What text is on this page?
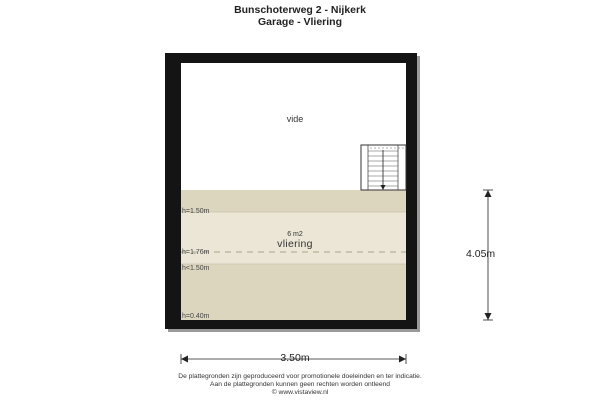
Bunschoterweg 2 - Nijkerk
Garage - Vliering
vide
6 m2
vliering
h=1.50m
h=1.76m
h<1.50m
h=0.40m
4.05m
3.50m
De plattegronden zijn geproduceerd voor promotionele doeleinden en ter indicatie.
Aan de plattegronden kunnen geen rechten worden ontleend
© www.vistaview.nl
